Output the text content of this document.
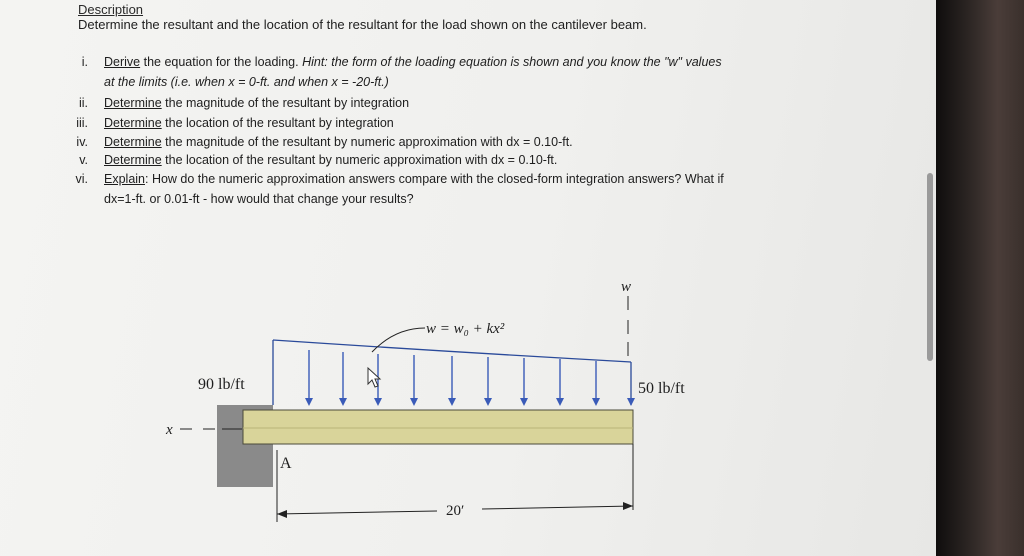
Description
Determine the resultant and the location of the resultant for the load shown on the cantilever beam.
i. Derive the equation for the loading. Hint: the form of the loading equation is shown and you know the "w" values
at the limits (i.e. when x = 0-ft. and when x = -20-ft.)
ii. Determine the magnitude of the resultant by integration
iii. Determine the location of the resultant by integration
iv. Determine the magnitude of the resultant by numeric approximation with dx = 0.10-ft.
v. Determine the location of the resultant by numeric approximation with dx = 0.10-ft.
vi. Explain: How do the numeric approximation answers compare with the closed-form integration answers? What if
dx=1-ft. or 0.01-ft - how would that change your results?
w = w₀ + kx²
w
x
90 lb/ft	50 lb/ft
A
20′
